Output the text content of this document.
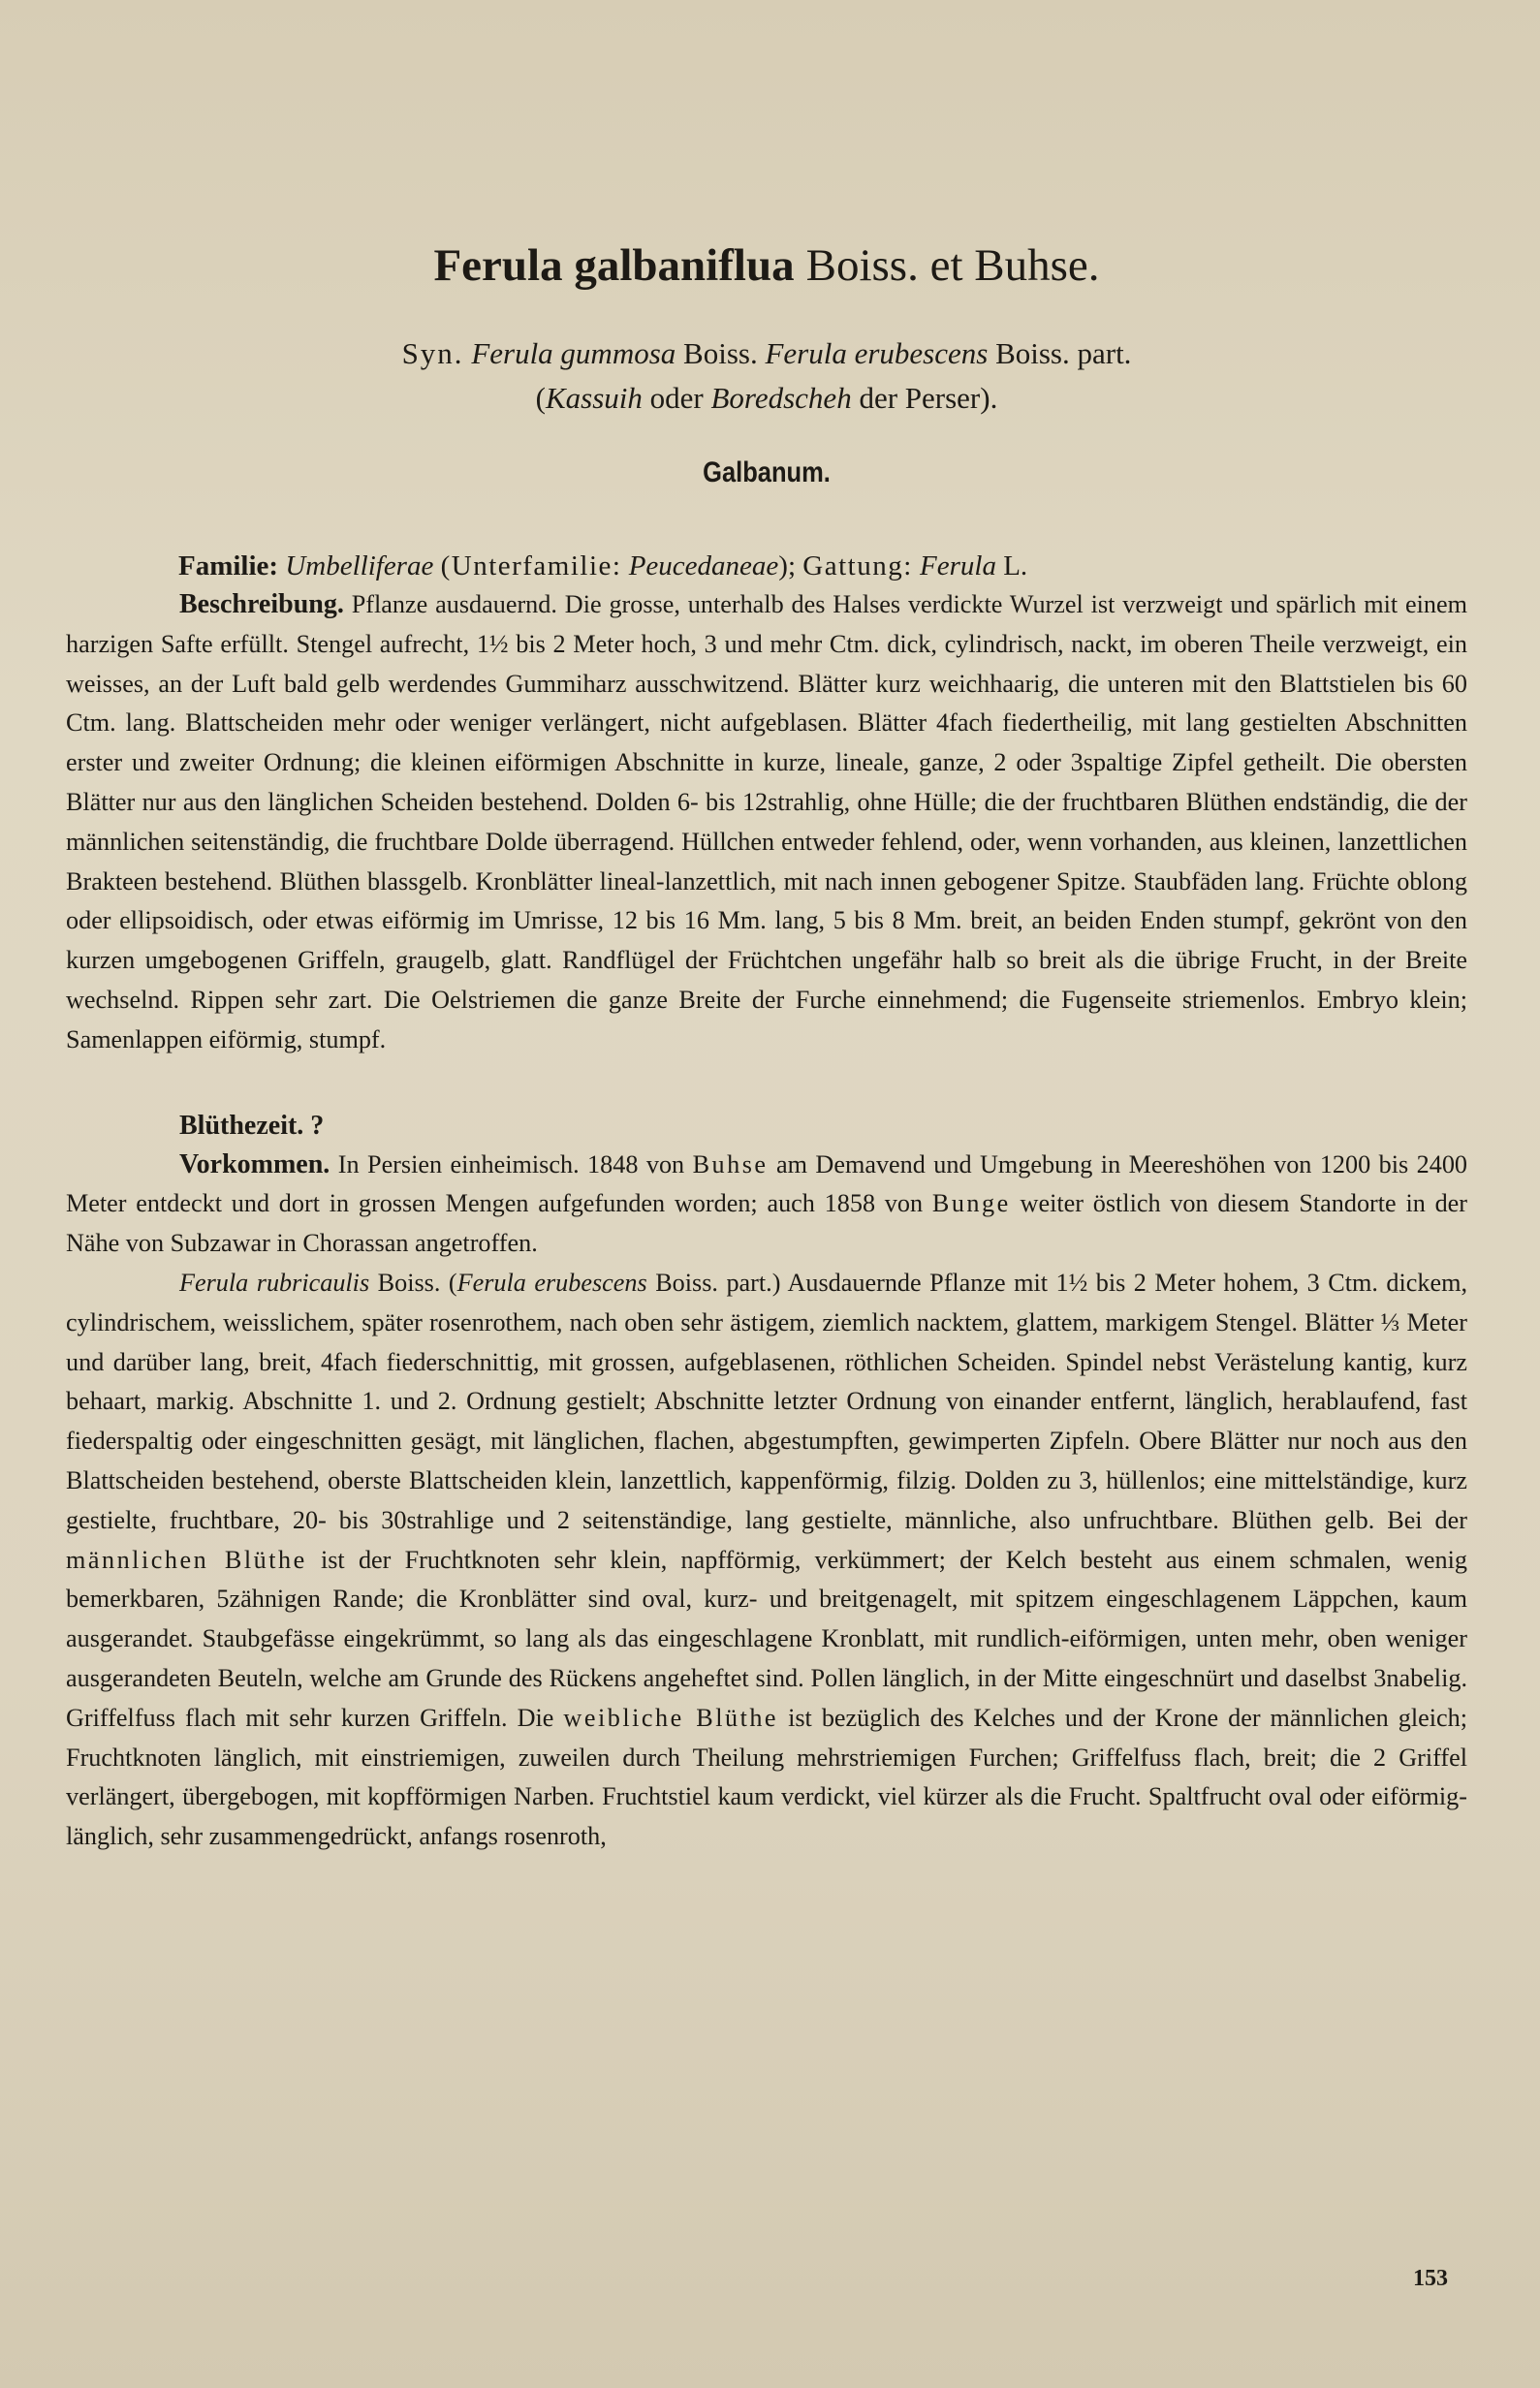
Ferula galbaniflua Boiss. et Buhse.
Syn. Ferula gummosa Boiss. Ferula erubescens Boiss. part.
(Kassuih oder Boredscheh der Perser).
Galbanum.
Familie: Umbelliferae (Unterfamilie: Peucedaneae); Gattung: Ferula L.

Beschreibung. Pflanze ausdauernd. Die grosse, unterhalb des Halses verdickte Wurzel ist verzweigt und spärlich mit einem harzigen Safte erfüllt. Stengel aufrecht, 1½ bis 2 Meter hoch, 3 und mehr Ctm. dick, cylindrisch, nackt, im oberen Theile verzweigt, ein weisses, an der Luft bald gelb werdendes Gummiharz ausschwitzend. Blätter kurz weichhaarig, die unteren mit den Blattstielen bis 60 Ctm. lang. Blattscheiden mehr oder weniger verlängert, nicht aufgeblasen. Blätter 4fach fiedertheilig, mit lang gestielten Abschnitten erster und zweiter Ordnung; die kleinen eiförmigen Abschnitte in kurze, lineale, ganze, 2 oder 3spaltige Zipfel getheilt. Die obersten Blätter nur aus den länglichen Scheiden bestehend. Dolden 6- bis 12strahlig, ohne Hülle; die der fruchtbaren Blüthen endständig, die der männlichen seitenständig, die fruchtbare Dolde überragend. Hüllchen entweder fehlend, oder, wenn vorhanden, aus kleinen, lanzettlichen Brakteen bestehend. Blüthen blassgelb. Kronblätter lineal-lanzettlich, mit nach innen gebogener Spitze. Staubfäden lang. Früchte oblong oder ellipsoidisch, oder etwas eiförmig im Umrisse, 12 bis 16 Mm. lang, 5 bis 8 Mm. breit, an beiden Enden stumpf, gekrönt von den kurzen umgebogenen Griffeln, graugelb, glatt. Randflügel der Früchtchen ungefähr halb so breit als die übrige Frucht, in der Breite wechselnd. Rippen sehr zart. Die Oelstriemen die ganze Breite der Furche einnehmend; die Fugenseite striemenlos. Embryo klein; Samenlappen eiförmig, stumpf.

Blüthezeit. ?

Vorkommen. In Persien einheimisch. 1848 von Buhse am Demavend und Umgebung in Meereshöhen von 1200 bis 2400 Meter entdeckt und dort in grossen Mengen aufgefunden worden; auch 1858 von Bunge weiter östlich von diesem Standorte in der Nähe von Subzawar in Chorassan angetroffen.

Ferula rubricaulis Boiss. (Ferula erubescens Boiss. part.) Ausdauernde Pflanze mit 1½ bis 2 Meter hohem, 3 Ctm. dickem, cylindrischem, weisslichem, später rosenrothem, nach oben sehr ästigem, ziemlich nacktem, glattem, markigem Stengel. Blätter ⅓ Meter und darüber lang, breit, 4fach fiederschnittig, mit grossen, aufgeblasenen, röthlichen Scheiden. Spindel nebst Verästelung kantig, kurz behaart, markig. Abschnitte 1. und 2. Ordnung gestielt; Abschnitte letzter Ordnung von einander entfernt, länglich, herablaufend, fast fiederspaltig oder eingeschnitten gesägt, mit länglichen, flachen, abgestumpften, gewimperten Zipfeln. Obere Blätter nur noch aus den Blattscheiden bestehend, oberste Blattscheiden klein, lanzettlich, kappenförmig, filzig. Dolden zu 3, hüllenlos; eine mittelständige, kurz gestielte, fruchtbare, 20- bis 30strahlige und 2 seitenständige, lang gestielte, männliche, also unfruchtbare. Blüthen gelb. Bei der männlichen Blüthe ist der Fruchtknoten sehr klein, napfförmig, verkümmert; der Kelch besteht aus einem schmalen, wenig bemerkbaren, 5zähnigen Rande; die Kronblätter sind oval, kurz- und breitgenagelt, mit spitzem eingeschlagenem Läppchen, kaum ausgerandet. Staubgefässe eingekrümmt, so lang als das eingeschlagene Kronblatt, mit rundlich-eiförmigen, unten mehr, oben weniger ausgerandeten Beuteln, welche am Grunde des Rückens angeheftet sind. Pollen länglich, in der Mitte eingeschnürt und daselbst 3nabelig. Griffelfuss flach mit sehr kurzen Griffeln. Die weibliche Blüthe ist bezüglich des Kelches und der Krone der männlichen gleich; Fruchtknoten länglich, mit einstriemigen, zuweilen durch Theilung mehrstriemigen Furchen; Griffelfuss flach, breit; die 2 Griffel verlängert, übergebogen, mit kopfförmigen Narben. Fruchtstiel kaum verdickt, viel kürzer als die Frucht. Spaltfrucht oval oder eiförmig-länglich, sehr zusammengedrückt, anfangs rosenroth,

153
